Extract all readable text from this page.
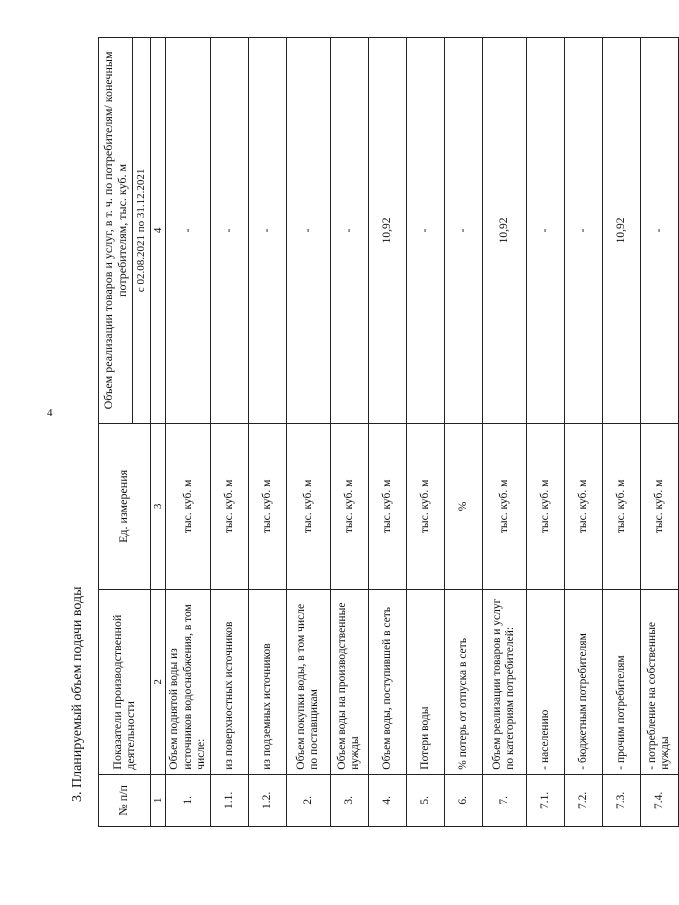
4
3. Планируемый объем подачи воды	№ п/п	Показатели производственной деятельности	Ед. измерения	Объем реализации товаров и услуг, в т. ч. по потребителям/ конечным потребителям, тыс. куб. м
			с 02.08.2021 по 31.12.2021
1	2	3	4
1.	Объем поднятой воды из источников водоснабжения, в том числе:	тыс. куб. м	-
1.1.	из поверхностных источников	тыс. куб. м	-
1.2.	из подземных источников	тыс. куб. м	-
2.	Объем покупки воды, в том числе по поставщикам	тыс. куб. м	-
3.	Объем воды на производственные нужды	тыс. куб. м	-
4.	Объем воды, поступившей в сеть	тыс. куб. м	10,92
5.	Потери воды	тыс. куб. м	-
6.	% потерь от отпуска в сеть	%	-
7.	Объем реализации товаров и услуг по категориям потребителей:	тыс. куб. м	10,92
7.1.	- населению	тыс. куб. м	-
7.2.	- бюджетным потребителям	тыс. куб. м	-
7.3.	- прочим потребителям	тыс. куб. м	10,92
7.4.	- потребление на собственные нужды	тыс. куб. м	-
